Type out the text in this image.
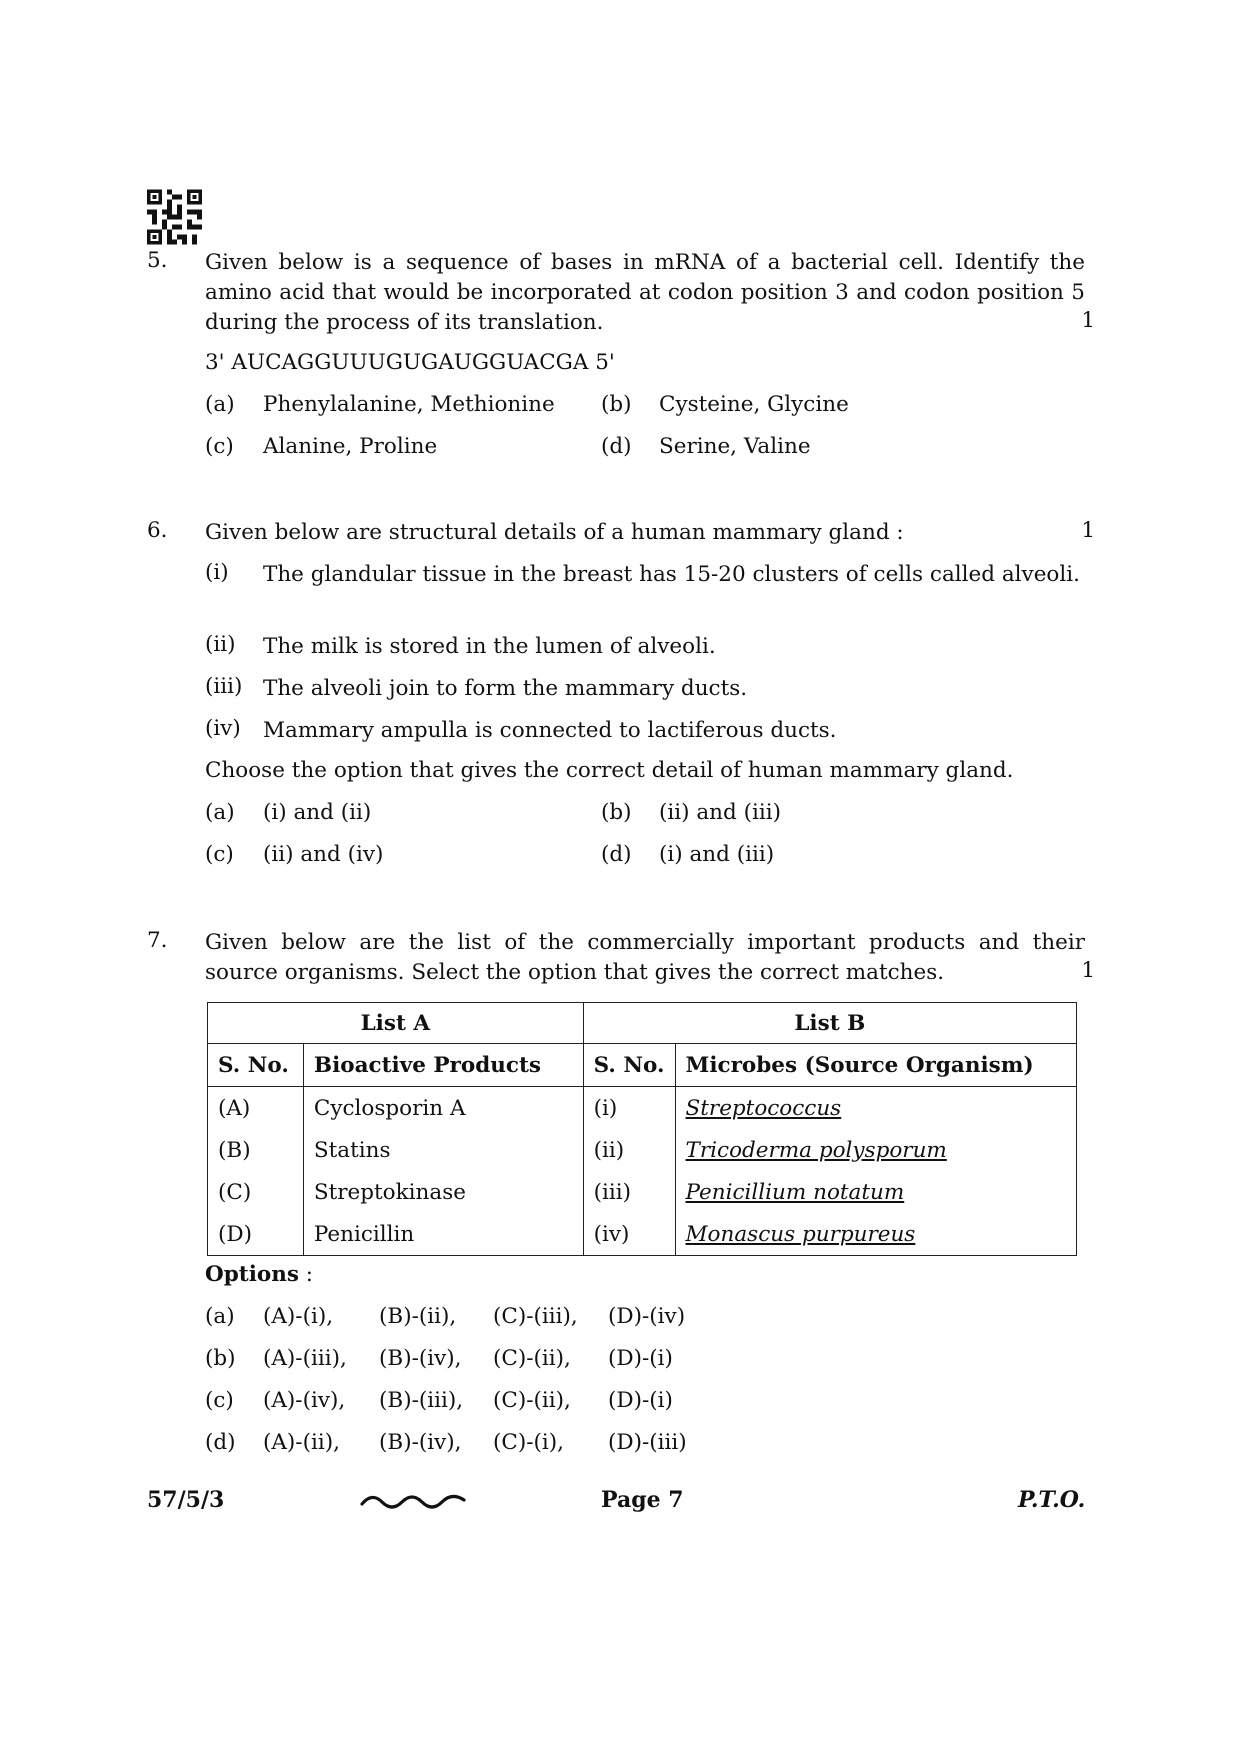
5.	Given below is a sequence of bases in mRNA of a bacterial cell. Identify the amino acid that would be incorporated at codon position 3 and codon position 5 during the process of its translation.	1
3' AUCAGGUUUGUGAUGGUACGA 5'
(a) Phenylalanine, Methionine (b) Cysteine, Glycine
(c) Alanine, Proline	(d) Serine, Valine
6.	Given below are structural details of a human mammary gland :	1
(i)	The glandular tissue in the breast has 15-20 clusters of cells called alveoli.
(ii)	The milk is stored in the lumen of alveoli.
(iii) The alveoli join to form the mammary ducts.
(iv)	Mammary ampulla is connected to lactiferous ducts.
Choose the option that gives the correct detail of human mammary gland.
(a) (i) and (ii)	(b) (ii) and (iii)
(c) (ii) and (iv)	(d) (i) and (iii)
7.	Given below are the list of the commercially important products and their source organisms. Select the option that gives the correct matches.	1
List A		List B	
S. No.	Bioactive Products	S. No.	Microbes (Source Organism)
(A)	Cyclosporin A	(i)	Streptococcus
(B)	Statins	(ii)	Tricoderma polysporum
(C)	Streptokinase	(iii)	Penicillium notatum
(D)	Penicillin	(iv)	Monascus purpureus
Options :
(a) (A)-(i), (B)-(ii), (C)-(iii), (D)-(iv)
(b) (A)-(iii), (B)-(iv), (C)-(ii), (D)-(i)
(c) (A)-(iv), (B)-(iii), (C)-(ii), (D)-(i)
(d) (A)-(ii), (B)-(iv), (C)-(i), (D)-(iii)
57/5/3	Page 7	P.T.O.
